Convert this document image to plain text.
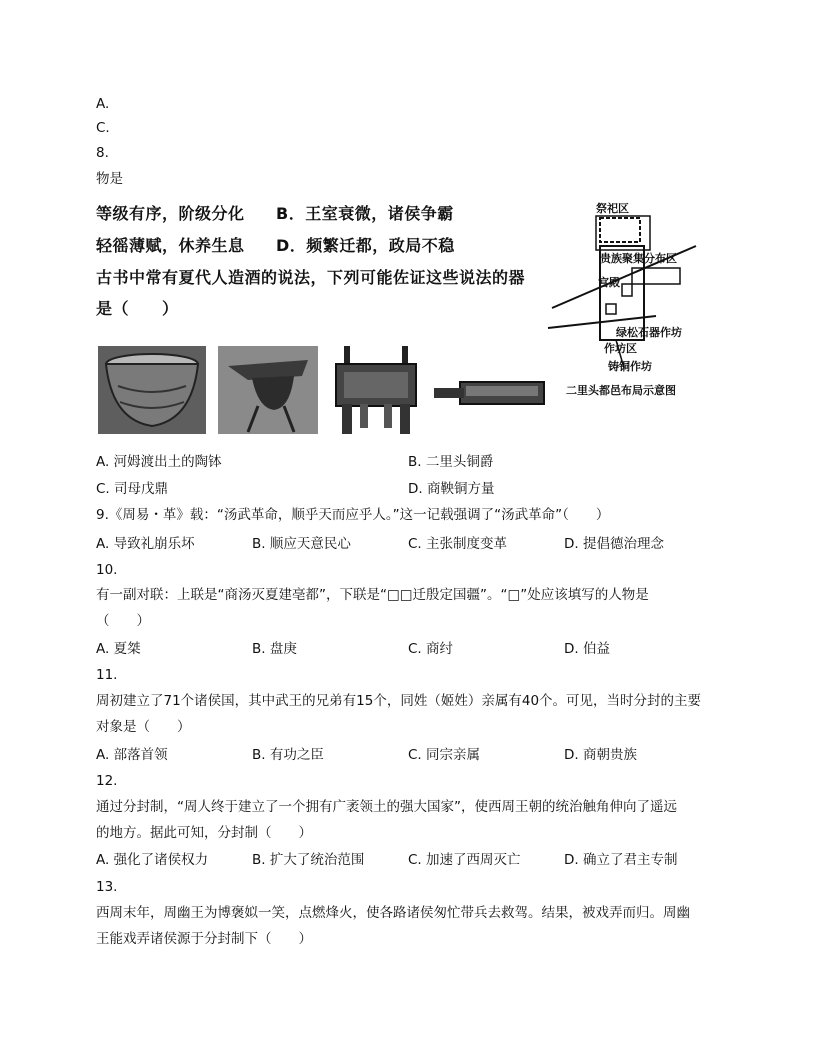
A.
C.
8.
物是
等级有序，阶级分化 B．王室衰微，诸侯争霸
轻徭薄赋，休养生息 D．频繁迁都，政局不稳
古书中常有夏代人造酒的说法，下列可能佐证这些说法的器
是（　　）
祭祀区
贵族聚集分布区
宫殿
绿松石器作坊
作坊区
铸铜作坊
二里头都邑布局示意图
A. 河姆渡出土的陶钵	B. 二里头铜爵
C. 司母戊鼎	D. 商鞅铜方量
9.《周易・革》载：“汤武革命，顺乎天而应乎人。”这一记载强调了“汤武革命”（　　）
A. 导致礼崩乐坏	B. 顺应天意民心	C. 主张制度变革	D. 提倡德治理念
10.
有一副对联：上联是“商汤灭夏建亳都”，下联是“□□迁殷定国疆”。“□”处应该填写的人物是
（　　）
A. 夏桀	B. 盘庚	C. 商纣	D. 伯益
11.
周初建立了71个诸侯国，其中武王的兄弟有15个，同姓（姬姓）亲属有40个。可见，当时分封的主要
对象是（　　）
A. 部落首领	B. 有功之臣	C. 同宗亲属	D. 商朝贵族
12.
通过分封制，“周人终于建立了一个拥有广袤领土的强大国家”，使西周王朝的统治触角伸向了遥远
的地方。据此可知，分封制（　　）
A. 强化了诸侯权力	B. 扩大了统治范围	C. 加速了西周灭亡	D. 确立了君主专制
13.
西周末年，周幽王为博褒姒一笑，点燃烽火，使各路诸侯匆忙带兵去救驾。结果，被戏弄而归。周幽
王能戏弄诸侯源于分封制下（　　）
